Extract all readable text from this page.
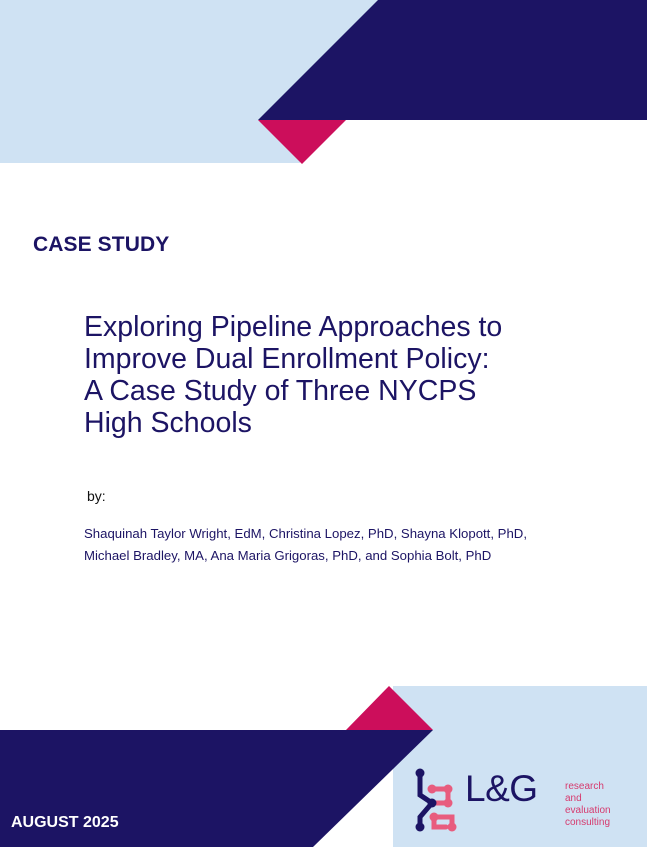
CASE STUDY
Exploring Pipeline Approaches to
Improve Dual Enrollment Policy:
A Case Study of Three NYCPS
High Schools
by:
Shaquinah Taylor Wright, EdM, Christina Lopez, PhD, Shayna Klopott, PhD,
Michael Bradley, MA, Ana Maria Grigoras, PhD, and Sophia Bolt, PhD
AUGUST 2025
L&G	research
and evaluation
consulting
